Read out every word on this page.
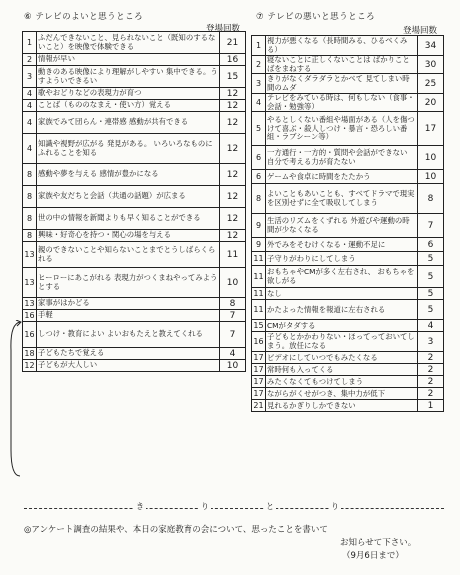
⑥ テレビのよいと思うところ
登場回数
⑦ テレビの悪いと思うところ
登場回数
1	ふだんできないこと、見られないこと（既知のするないこと）を映像で体験できる	21
2	情報が早い	16
3	動きのある映像により理解がしやすい 集中できる。うすよういできるい	15
4	歌やおどりなどの表現力が育つ	12
4	ことば（もののなまえ・使い方）覚える	12
4	家族でみて団らん・連帯感 感動が共有できる	12
4	知識や視野が広がる 発見がある。 いろいろなものにふれることを知る	12
8	感動や夢を与える 感情が豊かになる	12
8	家族や友だちと会話（共通の話題）が広まる	12
8	世の中の情報を新聞よりも早く知ることができる	12
8	興味・好奇心を持つ・関心の場を与える	12
13	親のできないことや知らないことまでとうしばらくられる	11
13	ヒーローにあこがれる 表現力がつくまねやってみようとする	10
13	家事がはかどる	8
16	手軽	7
16	しつけ・教育によい よいおもたえと教えてくれる	7
18	子どもたちで覚える	4
12	子どもが大人しい	10
1	視力が悪くなる（長時間みる、ひるべくみる）	34
2	寝ないことに正しくないことは ばかりことばをまねする	30
3	きりがなくダラダラとかべて 見てしまい時間のムダ	25
4	テレビをみている時は、何もしない（食事・会話・勉強等）	20
5	やるとしくない番組や場面がある（人を傷つけて喜ぶ・殺人しつけ・暴言・恐ろしい番組・ラブシーン等）	17
6	一方通行・一方的・質問や会話ができない 自分で考える力が育たない	10
6	ゲームや食卓に時間をたたかう	10
8	よいこともあいことも、すべてドラマで現実を区別せずに全て吸収してしまう	8
9	生活のリズムをくずれる 外遊びや運動の時間が少なくなる	7
9	外でみをそむけくなる・運動不足に	6
11	子守りがわりにしてしまう	5
11	おもちゃやCMが多く左右され、 おもちゃを欲しがる	5
11	なし	5
11	かたよった情報を報道に左右される	5
15	CMがタダする	4
16	子どもとかかわりない・ほってっておいてしまう。放任になる	3
17	ビデオにしていつでもみたくなる	2
17	常時何も入ってくる	2
17	みたくなくてもつけてしまう	2
17	ながらがくせがつき、集中力が低下	2
21	見れるかぎりしかできない	1
き	り	と	り
◎アンケート調査の結果や、本日の家庭教育の会について、思ったことを書いて
お知らせて下さい。
（9月6日まで）
